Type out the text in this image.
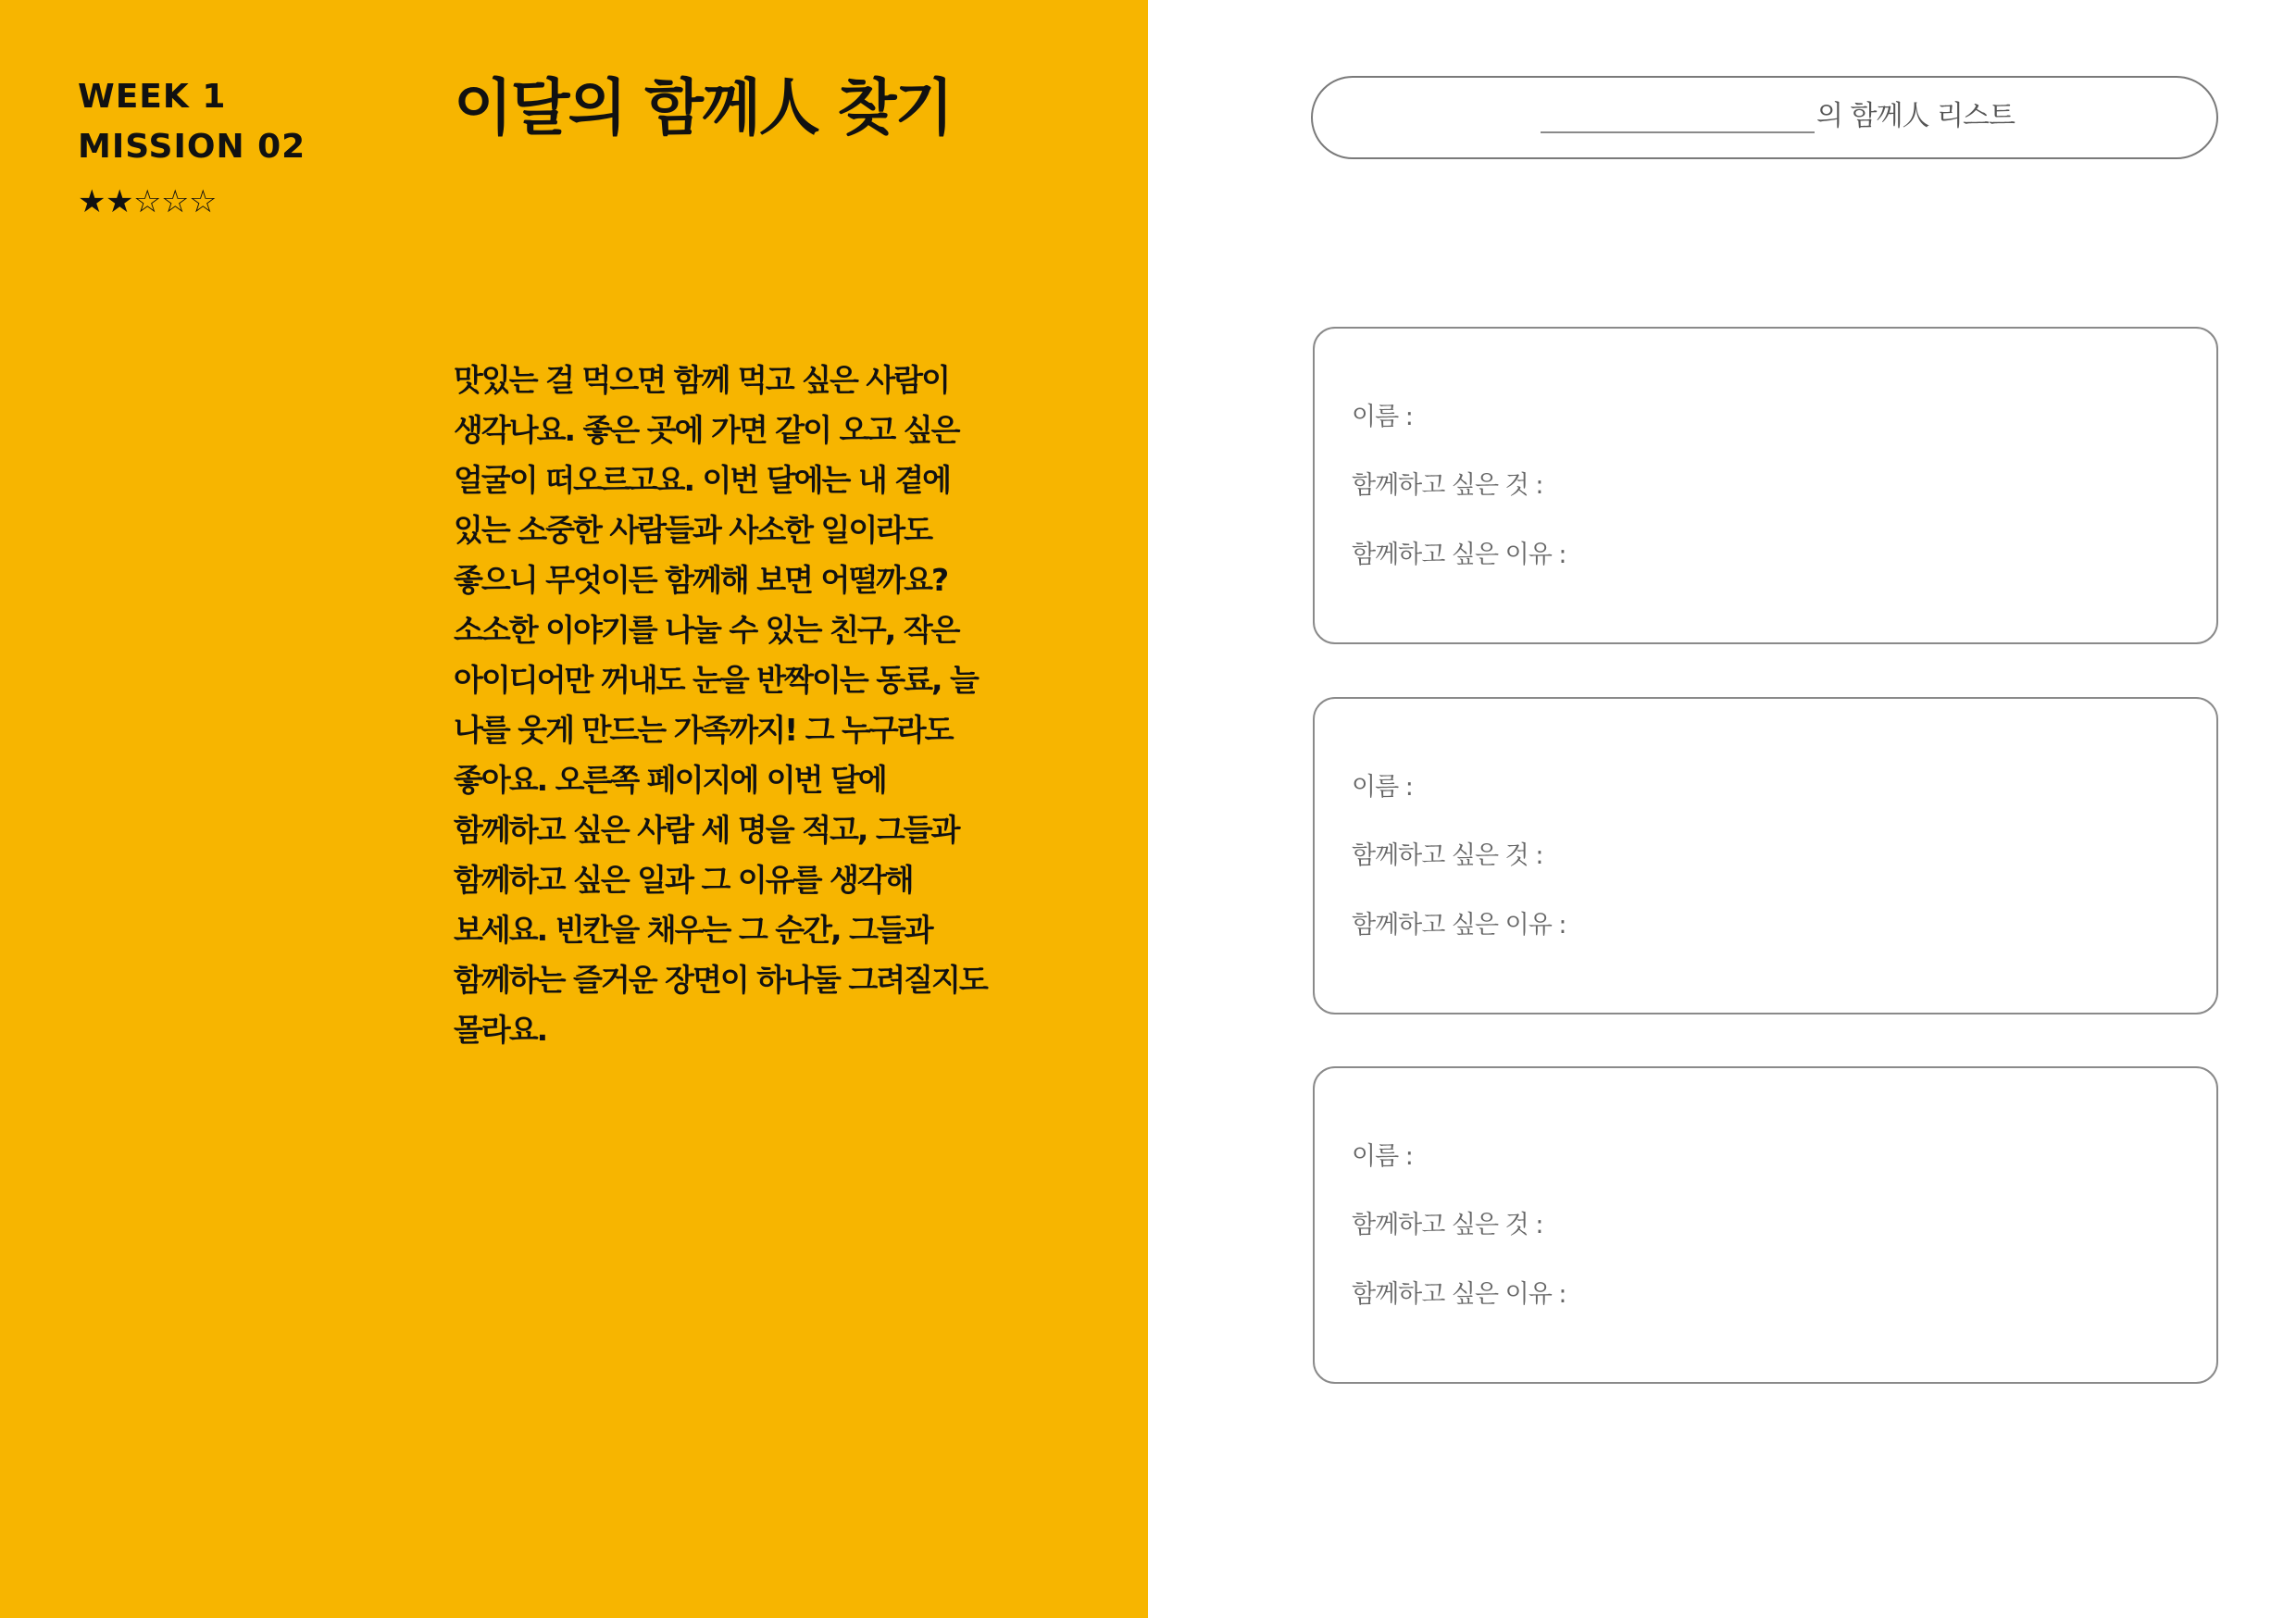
WEEK 1
MISSION 02
★★☆☆☆
이달의 함께人 찾기

맛있는 걸 먹으면 함께 먹고 싶은 사람이
생각나요. 좋은 곳에 가면 같이 오고 싶은
얼굴이 떠오르고요. 이번 달에는 내 곁에
있는 소중한 사람들과 사소한 일이라도
좋으니 무엇이든 함께해 보면 어떨까요?
소소한 이야기를 나눌 수 있는 친구, 작은
아이디어만 꺼내도 눈을 반짝이는 동료, 늘
나를 웃게 만드는 가족까지! 그 누구라도
좋아요. 오른쪽 페이지에 이번 달에
함께하고 싶은 사람 세 명을 적고, 그들과
함께하고 싶은 일과 그 이유를 생각해
보세요. 빈칸을 채우는 그 순간, 그들과
함께하는 즐거운 장면이 하나둘 그려질지도
몰라요.

의 함께人 리스트
이름 :
함께하고 싶은 것 :
함께하고 싶은 이유 :
이름 :
함께하고 싶은 것 :
함께하고 싶은 이유 :
이름 :
함께하고 싶은 것 :
함께하고 싶은 이유 :
